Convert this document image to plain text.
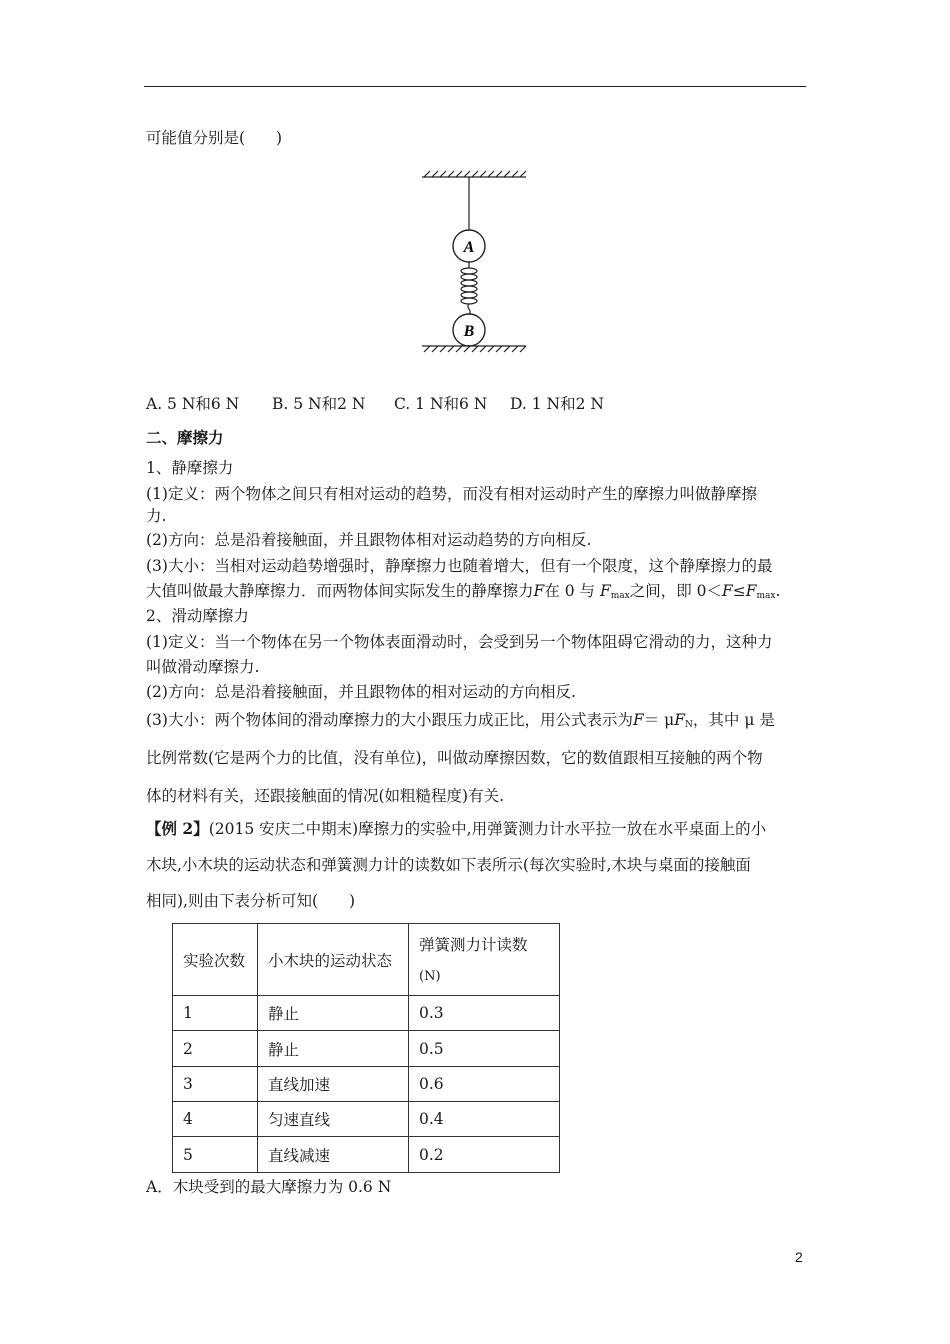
可能值分别是(　　)
A
B
A. 5 N和6 N B. 5 N和2 N C. 1 N和6 N D. 1 N和2 N
二、摩擦力
1、静摩擦力
(1)定义：两个物体之间只有相对运动的趋势，而没有相对运动时产生的摩擦力叫做静摩擦
力.
(2)方向：总是沿着接触面，并且跟物体相对运动趋势的方向相反.
(3)大小：当相对运动趋势增强时，静摩擦力也随着增大，但有一个限度，这个静摩擦力的最
大值叫做最大静摩擦力．而两物体间实际发生的静摩擦力F在 0 与 $F_{max}$之间，即 $0<F\le F_{max}$.
2、滑动摩擦力
(1)定义：当一个物体在另一个物体表面滑动时，会受到另一个物体阻碍它滑动的力，这种力
叫做滑动摩擦力.
(2)方向：总是沿着接触面，并且跟物体的相对运动的方向相反.
(3)大小：两个物体间的滑动摩擦力的大小跟压力成正比，用公式表示为$F= \mu F_N$，其中 μ 是
比例常数(它是两个力的比值，没有单位)，叫做动摩擦因数，它的数值跟相互接触的两个物
体的材料有关，还跟接触面的情况(如粗糙程度)有关.
【例 2】(2015 安庆二中期末)摩擦力的实验中,用弹簧测力计水平拉一放在水平桌面上的小
木块,小木块的运动状态和弹簧测力计的读数如下表所示(每次实验时,木块与桌面的接触面
相同),则由下表分析可知(　　)
实验次数	小木块的运动状态	弹簧测力计读数
(N)

1	静止	0.3
2	静止	0.5
3	直线加速	0.6
4	匀速直线	0.4
5	直线减速	0.2
A．木块受到的最大摩擦力为 0.6 N
2
